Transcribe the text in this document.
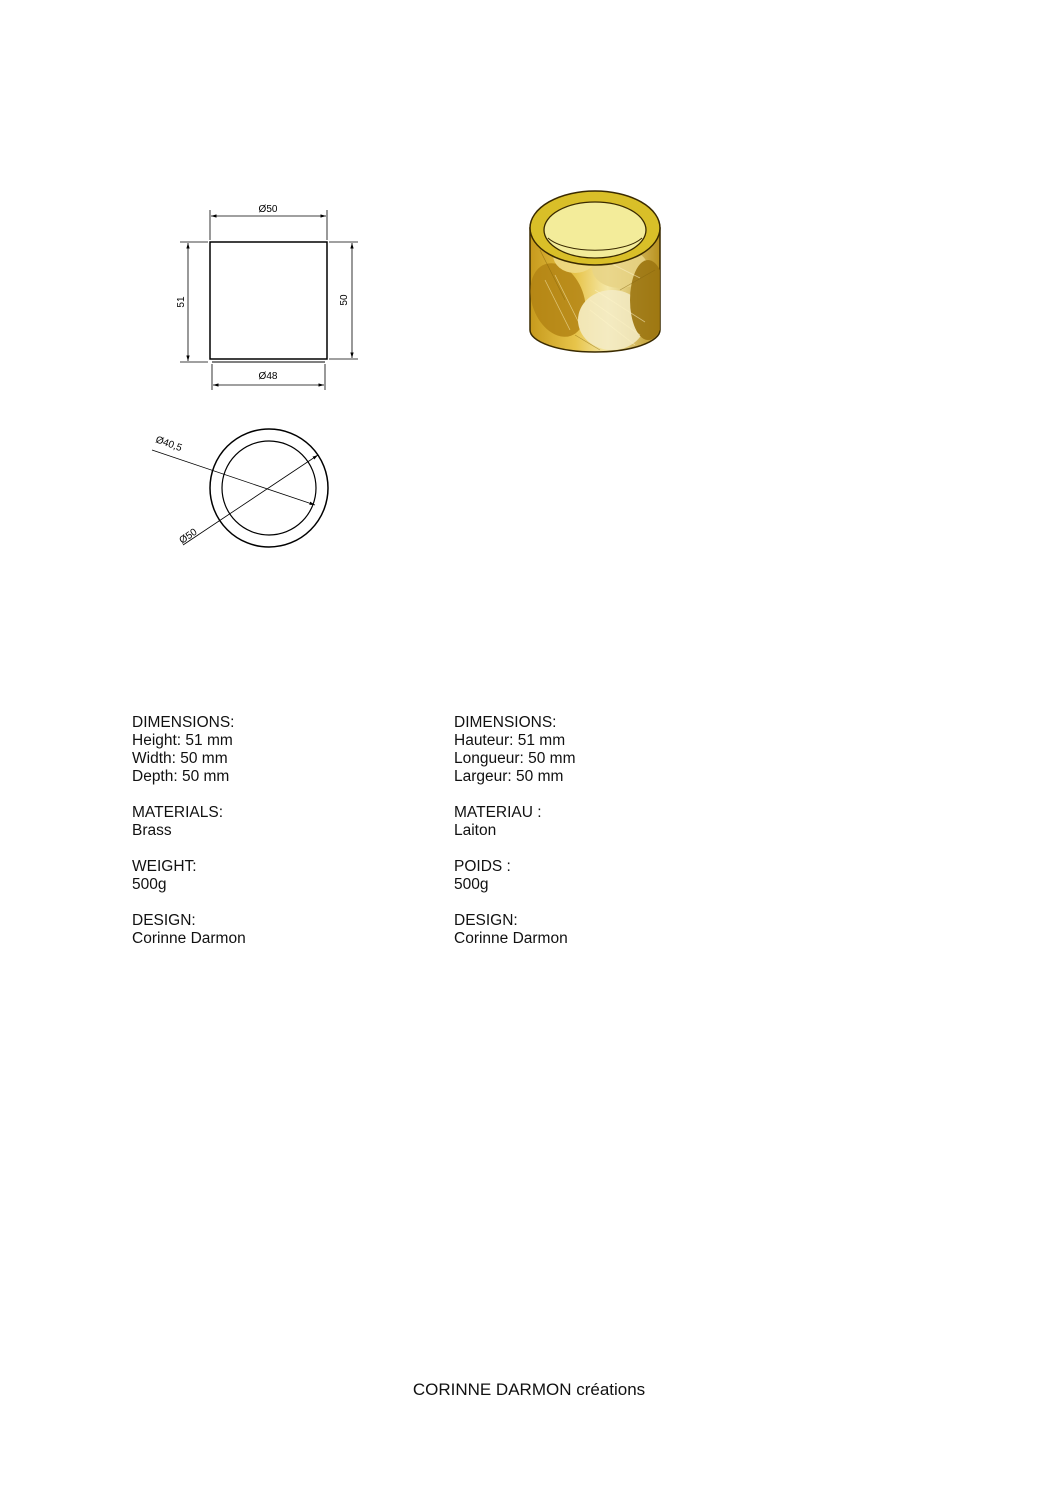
Ø50
Ø48
51	50
Ø40,5
Ø50
DIMENSIONS:
Height: 51 mm
Width: 50 mm
Depth: 50 mm
MATERIALS:
Brass
WEIGHT:
500g
DESIGN:
Corinne Darmon
DIMENSIONS:
Hauteur: 51 mm
Longueur: 50 mm
Largeur: 50 mm
MATERIAU :
Laiton
POIDS :
500g
DESIGN:
Corinne Darmon
CORINNE DARMON créations
